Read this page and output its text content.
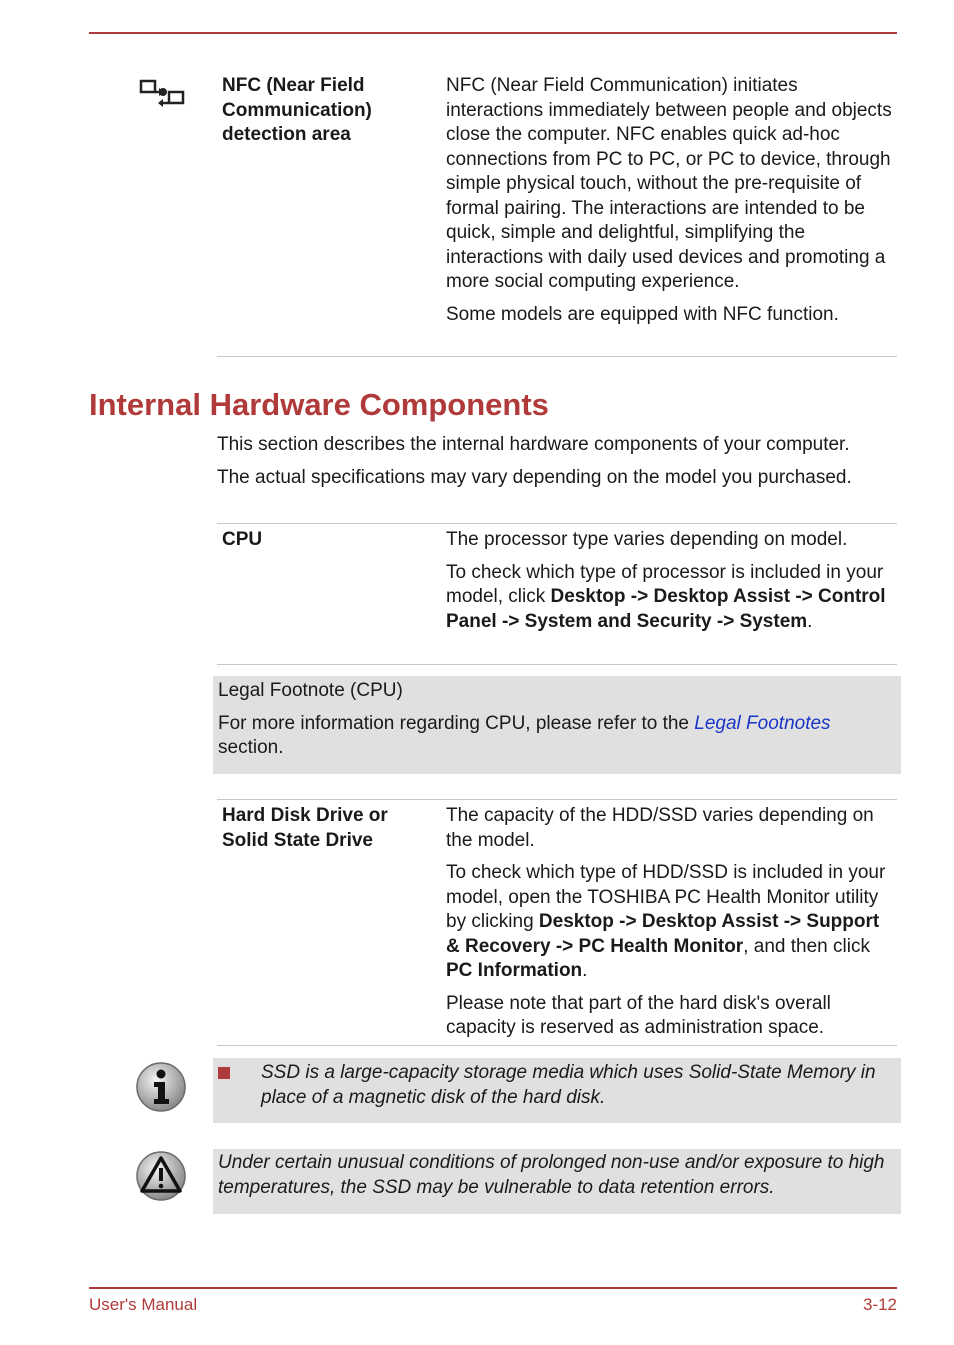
NFC (Near Field Communication) detection area

NFC (Near Field Communication) initiates interactions immediately between people and objects close the computer. NFC enables quick ad-hoc connections from PC to PC, or PC to device, through simple physical touch, without the pre-requisite of formal pairing. The interactions are intended to be quick, simple and delightful, simplifying the interactions with daily used devices and promoting a more social computing experience.

Some models are equipped with NFC function.

Internal Hardware Components

This section describes the internal hardware components of your computer.

The actual specifications may vary depending on the model you purchased.

CPU	The processor type varies depending on model.

To check which type of processor is included in your model, click Desktop -> Desktop Assist -> Control Panel -> System and Security -> System.

Legal Footnote (CPU)

For more information regarding CPU, please refer to the Legal Footnotes section.

Hard Disk Drive or Solid State Drive

The capacity of the HDD/SSD varies depending on the model.

To check which type of HDD/SSD is included in your model, open the TOSHIBA PC Health Monitor utility by clicking Desktop -> Desktop Assist -> Support & Recovery -> PC Health Monitor, and then click PC Information.

Please note that part of the hard disk's overall capacity is reserved as administration space.

SSD is a large-capacity storage media which uses Solid-State Memory in place of a magnetic disk of the hard disk.

Under certain unusual conditions of prolonged non-use and/or exposure to high temperatures, the SSD may be vulnerable to data retention errors.

User's Manual	3-12
